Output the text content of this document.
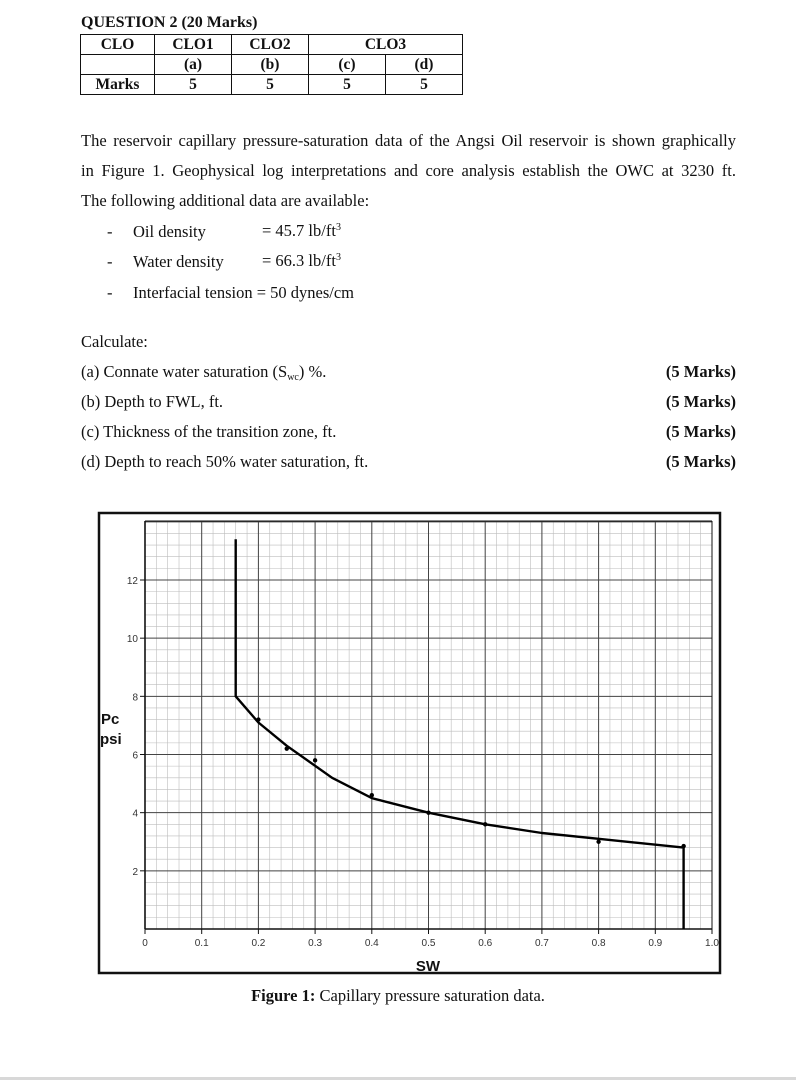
QUESTION 2 (20 Marks)
CLO	CLO1	CLO2	CLO3	
	(a)	(b)	(c)	(d)
Marks	5	5	5	5
The reservoir capillary pressure-saturation data of the Angsi Oil reservoir is shown graphically
in Figure 1. Geophysical log interpretations and core analysis establish the OWC at 3230 ft.
The following additional data are available:
- Oil density	= 45.7 $lb/ft^3$
- Water density = 66.3 $lb/ft^3$
- Interfacial tension = 50 dynes/cm
Calculate:
(a) Connate water saturation $(S_{wc})$ %.	(5 Marks)
(b) Depth to FWL, ft.	(5 Marks)
(c) Thickness of the transition zone, ft.	(5 Marks)
(d) Depth to reach 50% water saturation, ft.	(5 Marks)
0	0.1	0.2	0.3	0.4	0.5	0.6	0.7	0.8	0.9	1.0
2
4
6
8
10
12
SW
Pc
psi
Figure 1: Capillary pressure saturation data.
